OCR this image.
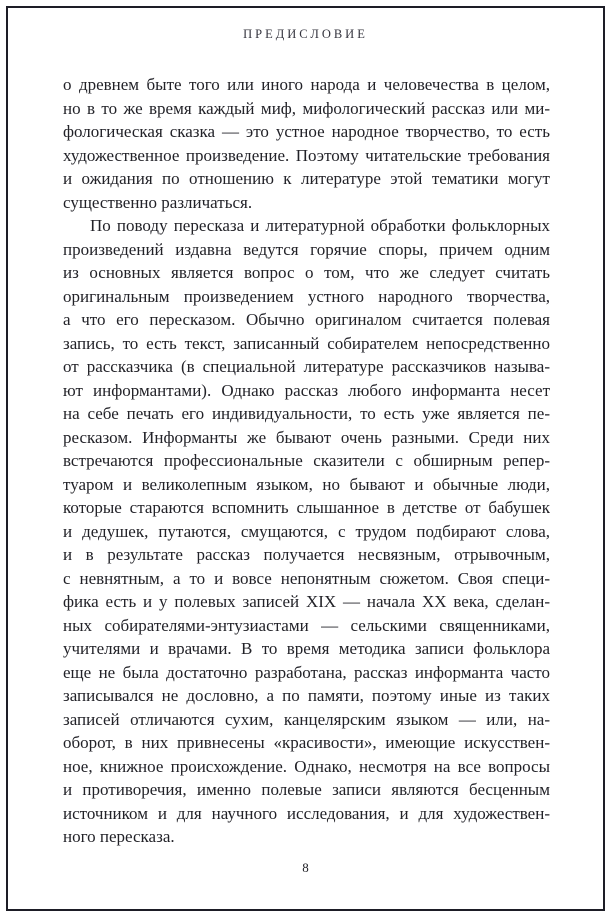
ПРЕДИСЛОВИЕ
о древнем быте того или иного народа и человечества в целом,
но в то же время каждый миф, мифологический рассказ или ми-
фологическая сказка — это устное народное творчество, то есть
художественное произведение. Поэтому читательские требования
и ожидания по отношению к литературе этой тематики могут
существенно различаться.
По поводу пересказа и литературной обработки фольклорных
произведений издавна ведутся горячие споры, причем одним
из основных является вопрос о том, что же следует считать
оригинальным произведением устного народного творчества,
а что его пересказом. Обычно оригиналом считается полевая
запись, то есть текст, записанный собирателем непосредственно
от рассказчика (в специальной литературе рассказчиков называ-
ют информантами). Однако рассказ любого информанта несет
на себе печать его индивидуальности, то есть уже является пе-
ресказом. Информанты же бывают очень разными. Среди них
встречаются профессиональные сказители с обширным репер-
туаром и великолепным языком, но бывают и обычные люди,
которые стараются вспомнить слышанное в детстве от бабушек
и дедушек, путаются, смущаются, с трудом подбирают слова,
и в результате рассказ получается несвязным, отрывочным,
с невнятным, а то и вовсе непонятным сюжетом. Своя специ-
фика есть и у полевых записей XIX — начала XX века, сделан-
ных собирателями-энтузиастами — сельскими священниками,
учителями и врачами. В то время методика записи фольклора
еще не была достаточно разработана, рассказ информанта часто
записывался не дословно, а по памяти, поэтому иные из таких
записей отличаются сухим, канцелярским языком — или, на-
оборот, в них привнесены «красивости», имеющие искусствен-
ное, книжное происхождение. Однако, несмотря на все вопросы
и противоречия, именно полевые записи являются бесценным
источником и для научного исследования, и для художествен-
ного пересказа.
8
